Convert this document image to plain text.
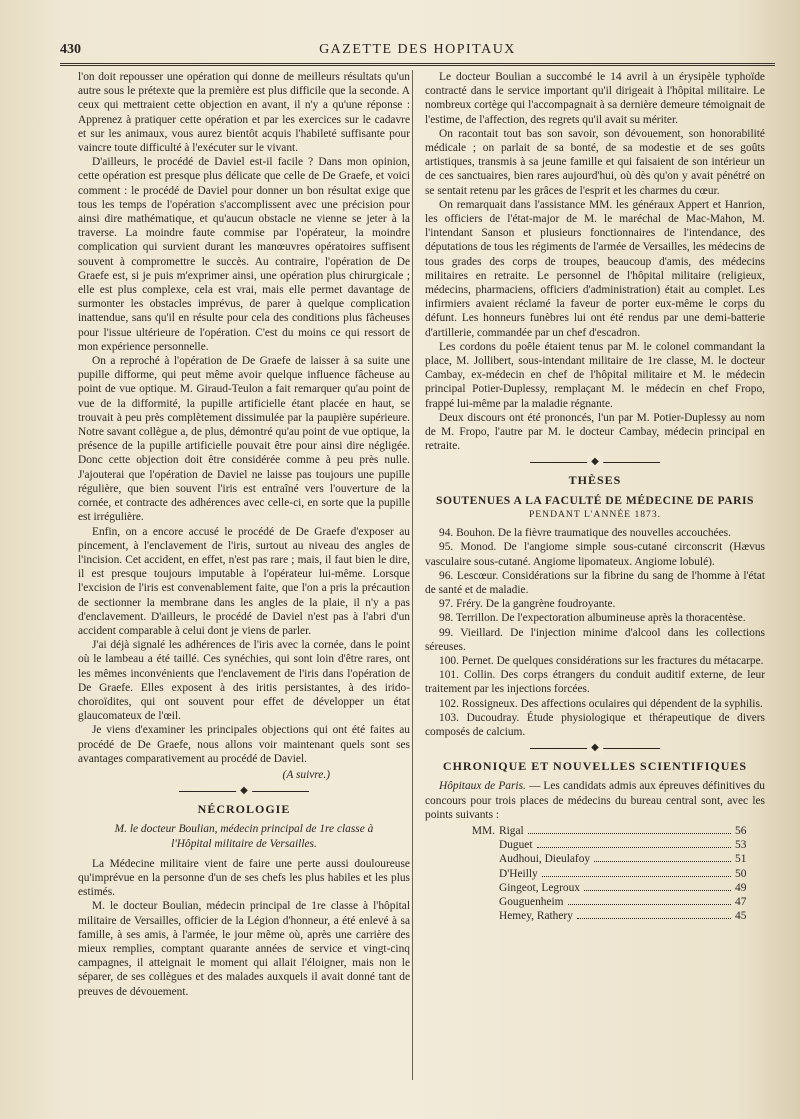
430	GAZETTE DES HOPITAUX

l'on doit repousser une opération qui donne de meilleurs résultats qu'un autre sous le prétexte que la première est plus difficile que la seconde. A ceux qui mettraient cette objection en avant, il n'y a qu'une réponse : Apprenez à pratiquer cette opération et par les exercices sur le cadavre et sur les animaux, vous aurez bientôt acquis l'habileté suffisante pour vaincre toute difficulté à l'exécuter sur le vivant.

D'ailleurs, le procédé de Daviel est-il facile ? Dans mon opinion, cette opération est presque plus délicate que celle de De Graefe, et voici comment : le procédé de Daviel pour donner un bon résultat exige que tous les temps de l'opération s'accomplissent avec une précision pour ainsi dire mathématique, et qu'aucun obstacle ne vienne se jeter à la traverse. La moindre faute commise par l'opérateur, la moindre complication qui survient durant les manœuvres opératoires suffisent souvent à compromettre le succès. Au contraire, l'opération de De Graefe est, si je puis m'exprimer ainsi, une opération plus chirurgicale ; elle est plus complexe, cela est vrai, mais elle permet davantage de surmonter les obstacles imprévus, de parer à quelque complication inattendue, sans qu'il en résulte pour cela des conditions plus fâcheuses pour l'issue ultérieure de l'opération. C'est du moins ce qui ressort de mon expérience personnelle.

On a reproché à l'opération de De Graefe de laisser à sa suite une pupille difforme, qui peut même avoir quelque influence fâcheuse au point de vue optique. M. Giraud-Teulon a fait remarquer qu'au point de vue de la difformité, la pupille artificielle étant placée en haut, se trouvait à peu près complètement dissimulée par la paupière supérieure. Notre savant collègue a, de plus, démontré qu'au point de vue optique, la présence de la pupille artificielle pouvait être pour ainsi dire négligée. Donc cette objection doit être considérée comme à peu près nulle. J'ajouterai que l'opération de Daviel ne laisse pas toujours une pupille régulière, que bien souvent l'iris est entraîné vers l'ouverture de la cornée, et contracte des adhérences avec celle-ci, en sorte que la pupille est irrégulière.

Enfin, on a encore accusé le procédé de De Graefe d'exposer au pincement, à l'enclavement de l'iris, surtout au niveau des angles de l'incision. Cet accident, en effet, n'est pas rare ; mais, il faut bien le dire, il est presque toujours imputable à l'opérateur lui-même. Lorsque l'excision de l'iris est convenablement faite, que l'on a pris la précaution de sectionner la membrane dans les angles de la plaie, il n'y a pas d'enclavement. D'ailleurs, le procédé de Daviel n'est pas à l'abri d'un accident comparable à celui dont je viens de parler.

J'ai déjà signalé les adhérences de l'iris avec la cornée, dans le point où le lambeau a été taillé. Ces synéchies, qui sont loin d'être rares, ont les mêmes inconvénients que l'enclavement de l'iris dans l'opération de De Graefe. Elles exposent à des iritis persistantes, à des irido-choroïdites, qui ont souvent pour effet de développer un état glaucomateux de l'œil.

Je viens d'examiner les principales objections qui ont été faites au procédé de De Graefe, nous allons voir maintenant quels sont ses avantages comparativement au procédé de Daviel.

(A suivre.)
◆
NÉCROLOGIE
M. le docteur Boulian, médecin principal de 1re classe à l'Hôpital militaire de Versailles.

La Médecine militaire vient de faire une perte aussi douloureuse qu'imprévue en la personne d'un de ses chefs les plus habiles et les plus estimés.

M. le docteur Boulian, médecin principal de 1re classe à l'hôpital militaire de Versailles, officier de la Légion d'honneur, a été enlevé à sa famille, à ses amis, à l'armée, le jour même où, après une carrière des mieux remplies, comptant quarante années de service et vingt-cinq campagnes, il atteignait le moment qui allait l'éloigner, mais non le séparer, de ses collègues et des malades auxquels il avait donné tant de preuves de dévouement.

Le docteur Boulian a succombé le 14 avril à un érysipèle typhoïde contracté dans le service important qu'il dirigeait à l'hôpital militaire. Le nombreux cortège qui l'accompagnait à sa dernière demeure témoignait de l'estime, de l'affection, des regrets qu'il avait su mériter.

On racontait tout bas son savoir, son dévouement, son honorabilité médicale ; on parlait de sa bonté, de sa modestie et de ses goûts artistiques, transmis à sa jeune famille et qui faisaient de son intérieur un de ces sanctuaires, bien rares aujourd'hui, où dès qu'on y avait pénétré on se sentait retenu par les grâces de l'esprit et les charmes du cœur.

On remarquait dans l'assistance MM. les généraux Appert et Hanrion, les officiers de l'état-major de M. le maréchal de Mac-Mahon, M. l'intendant Sanson et plusieurs fonctionnaires de l'intendance, des députations de tous les régiments de l'armée de Versailles, les médecins de tous grades des corps de troupes, beaucoup d'amis, des médecins militaires en retraite. Le personnel de l'hôpital militaire (religieux, médecins, pharmaciens, officiers d'administration) était au complet. Les infirmiers avaient réclamé la faveur de porter eux-même le corps du défunt. Les honneurs funèbres lui ont été rendus par une demi-batterie d'artillerie, commandée par un chef d'escadron.

Les cordons du poêle étaient tenus par M. le colonel commandant la place, M. Jollibert, sous-intendant militaire de 1re classe, M. le docteur Cambay, ex-médecin en chef de l'hôpital militaire et M. le médecin principal Potier-Duplessy, remplaçant M. le médecin en chef Fropo, frappé lui-même par la maladie régnante.

Deux discours ont été prononcés, l'un par M. Potier-Duplessy au nom de M. Fropo, l'autre par M. le docteur Cambay, médecin principal en retraite.

◆
THÈSES
SOUTENUES A LA FACULTÉ DE MÉDECINE DE PARIS
PENDANT L'ANNÉE 1873.

94. Bouhon. De la fièvre traumatique des nouvelles accouchées.

95. Monod. De l'angiome simple sous-cutané circonscrit (Hævus vasculaire sous-cutané. Angiome lipomateux. Angiome lobulé).

96. Lescœur. Considérations sur la fibrine du sang de l'homme à l'état de santé et de maladie.

97. Fréry. De la gangrène foudroyante.

98. Terrillon. De l'expectoration albumineuse après la thoracentèse.

99. Vieillard. De l'injection minime d'alcool dans les collections séreuses.

100. Pernet. De quelques considérations sur les fractures du métacarpe.

101. Collin. Des corps étrangers du conduit auditif externe, de leur traitement par les injections forcées.

102. Rossigneux. Des affections oculaires qui dépendent de la syphilis.

103. Ducoudray. Étude physiologique et thérapeutique de divers composés de calcium.

◆
CHRONIQUE ET NOUVELLES SCIENTIFIQUES

Hôpitaux de Paris. — Les candidats admis aux épreuves définitives du concours pour trois places de médecins du bureau central sont, avec les points suivants :

MM. Rigal	56
Duguet	53
Audhoui, Dieulafoy	51
D'Heilly	50
Gingeot, Legroux	49
Gouguenheim	47
Hemey, Rathery	45
